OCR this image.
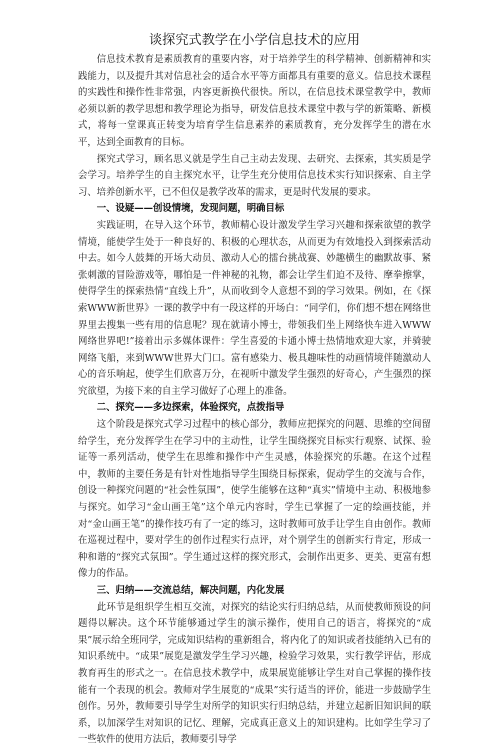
谈探究式教学在小学信息技术的应用

信息技术教育是素质教育的重要内容，对于培养学生的科学精神、创新精神和实践能力，以及提升其对信息社会的适合水平等方面都具有重要的意义。信息技术课程的实践性和操作性非常强，内容更新换代很快。所以，在信息技术课堂教学中，教师必须以新的教学思想和教学理论为指导，研发信息技术课堂中教与学的新策略、新模式，将每一堂课真正转变为培育学生信息素养的素质教育，充分发挥学生的潜在水平，达到全面教育的目标。

探究式学习，顾名思义就是学生自己主动去发现、去研究、去探索，其实质是学会学习。培养学生的自主探究水平，让学生充分使用信息技术实行知识探索、自主学习、培养创新水平，已不但仅是教学改革的需求，更是时代发展的要求。

一、设疑——创设情境，发现问题，明确目标

实践证明，在导入这个环节，教师精心设计激发学生学习兴趣和探索欲望的教学情境，能使学生处于一种良好的、积极的心理状态，从而更为有效地投入到探索活动中去。如今人鼓舞的开场大动员、激动人心的擂台挑战赛、妙趣横生的幽默故事、紧张刺激的冒险游戏等，哪怕是一件神秘的礼物，都会让学生们迫不及待、摩拳擦掌，使得学生的探索热情“直线上升”，从而收到令人意想不到的学习效果。例如，在《探索WWW新世界》一课的教学中有一段这样的开场白：“同学们，你们想不想在网络世界里去搜集一些有用的信息呢？现在就请小博士，带领我们坐上网络快车进入WWW网络世界吧!”接着出示多媒体课件：学生喜爱的卡通小博士热情地欢迎大家，并骑驶网络飞船，来到WWW世界大门口。富有感染力、极具趣味性的动画情境伴随激动人心的音乐响起，使学生们欣喜万分，在视听中激发学生强烈的好奇心，产生强烈的探究欲望，为接下来的自主学习做好了心理上的准备。

二、探究——多边探索，体验探究，点拨指导

这个阶段是探究式学习过程中的核心部分，教师应把探究的问题、思维的空间留给学生，充分发挥学生在学习中的主动性，让学生围绕探究目标实行观察、试探、验证等一系列活动，使学生在思维和操作中产生灵感，体验探究的乐趣。在这个过程中，教师的主要任务是有针对性地指导学生围绕目标探索，促动学生的交流与合作，创设一种探究问题的“社会性氛围”，使学生能够在这种“真实”情境中主动、积极地参与探究。如学习“金山画王笔”这个单元内容时，学生已掌握了一定的绘画技能，并对“金山画王笔”的操作技巧有了一定的练习，这时教师可放手让学生自由创作。教师在巡视过程中，要对学生的创作过程实行点评，对个别学生的创新实行肯定，形成一种和谐的“探究式氛围”。学生通过这样的探究形式，会制作出更多、更美、更富有想像力的作品。

三、归纳——交流总结，解决问题，内化发展

此环节是组织学生相互交流，对探究的结论实行归纳总结，从而使教师预设的问题得以解决。这个环节能够通过学生的演示操作，使用自己的语言，将探究的“成果”展示给全班同学，完成知识结构的重新组合，将内化了的知识或者技能纳入已有的知识系统中。“成果”展览是激发学生学习兴趣，检验学习效果，实行教学评估，形成教育再生的形式之一。在信息技术教学中，成果展览能够让学生对自己掌握的操作技能有一个表现的机会。教师对学生展览的“成果”实行适当的评价，能进一步鼓励学生创作。另外，教师要引导学生对所学的知识实行归纳总结，并建立起新旧知识间的联系，以加深学生对知识的记忆、理解，完成真正意义上的知识建构。比如学生学习了一些软件的使用方法后，教师要引导学
